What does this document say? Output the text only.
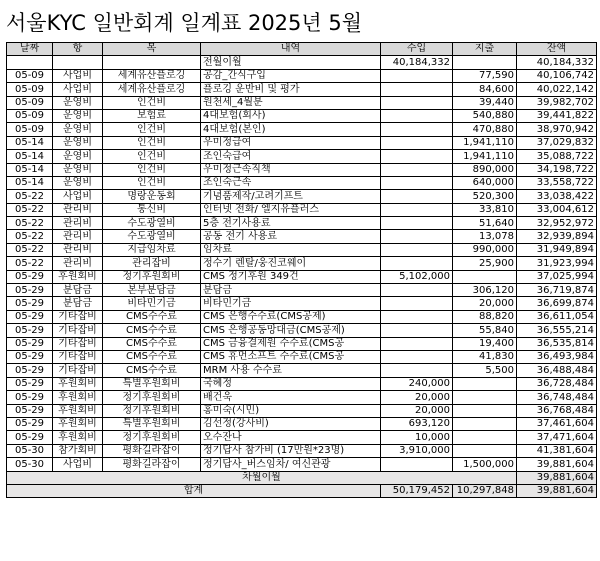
서울KYC 일반회계 일계표 2025년 5월
날짜	항	목	내역	수입	지출	잔액
			전월이월	40,184,332		40,184,332
05-09	사업비	세계유산플로깅	공감_간식구입		77,590	40,106,742
05-09	사업비	세계유산플로깅	플로깅 운반비 및 평가		84,600	40,022,142
05-09	운영비	인건비	원천세_4월분		39,440	39,982,702
05-09	운영비	보험료	4대보험(회사)		540,880	39,441,822
05-09	운영비	인건비	4대보험(본인)		470,880	38,970,942
05-14	운영비	인건비	우미정급여		1,941,110	37,029,832
05-14	운영비	인건비	조인숙급여		1,941,110	35,088,722
05-14	운영비	인건비	우미정근속직책		890,000	34,198,722
05-14	운영비	인건비	조인숙근속		640,000	33,558,722
05-22	사업비	명랑운동회	기념품제작/고려기프트		520,300	33,038,422
05-22	관리비	통신비	인터넷 전화/ 엘지유플러스		33,810	33,004,612
05-22	관리비	수도광열비	5층 전기사용료		51,640	32,952,972
05-22	관리비	수도광열비	공동 전기 사용료		13,078	32,939,894
05-22	관리비	지급임차료	임차료		990,000	31,949,894
05-22	관리비	관리잡비	정수기 렌탈/웅진코웨이		25,900	31,923,994
05-29	후원회비	정기후원회비	CMS 정기후원 349건	5,102,000		37,025,994
05-29	분담금	본부분담금	분담금		306,120	36,719,874
05-29	분담금	비타민기금	비타민기금		20,000	36,699,874
05-29	기타잡비	CMS수수료	CMS 은행수수료(CMS공제)		88,820	36,611,054
05-29	기타잡비	CMS수수료	CMS 은행공동망대금(CMS공제)		55,840	36,555,214
05-29	기타잡비	CMS수수료	CMS 금융결제원 수수료(CMS공		19,400	36,535,814
05-29	기타잡비	CMS수수료	CMS 휴먼소프트 수수료(CMS공		41,830	36,493,984
05-29	기타잡비	CMS수수료	MRM 사용 수수료		5,500	36,488,484
05-29	후원회비	특별후원회비	국혜정	240,000		36,728,484
05-29	후원회비	정기후원회비	배건욱	20,000		36,748,484
05-29	후원회비	정기후원회비	홍미숙(시민)	20,000		36,768,484
05-29	후원회비	특별후원회비	김선정(강사비)	693,120		37,461,604
05-29	후원회비	정기후원회비	오수잔나	10,000		37,471,604
05-30	참가회비	평화길라잡이	정기답사 참가비 (17만원*23명)	3,910,000		41,381,604
05-30	사업비	평화길라잡이	정기답사_버스임차/ 여신관광		1,500,000	39,881,604
차월이월						39,881,604
합계				50,179,452	10,297,848	39,881,604
